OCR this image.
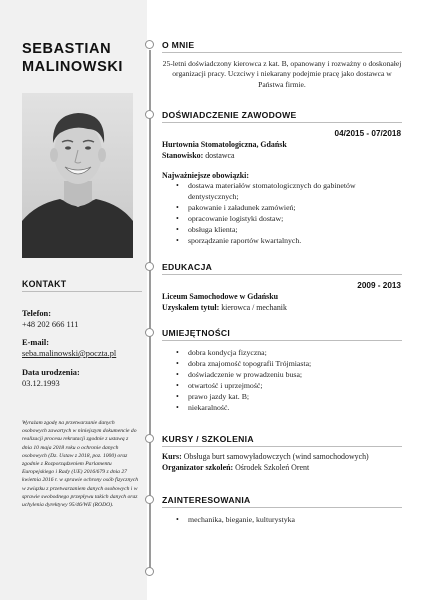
SEBASTIAN
MALINOWSKI
KONTAKT
Telefon:
+48 202 666 111
E-mail:
seba.malinowski@poczta.pl
Data urodzenia:
03.12.1993
Wyrażam zgodę na przetwarzanie danych osobowych zawartych w niniejszym dokumencie do realizacji procesu rekrutacji zgodnie z ustawą z dnia 10 maja 2018 roku o ochronie danych osobowych (Dz. Ustaw z 2018, poz. 1000) oraz zgodnie z Rozporządzeniem Parlamentu Europejskiego i Rady (UE) 2016/679 z dnia 27 kwietnia 2016 r. w sprawie ochrony osób fizycznych w związku z przetwarzaniem danych osobowych i w sprawie swobodnego przepływu takich danych oraz uchylenia dyrektywy 95/46/WE (RODO).
O MNIE
25-letni doświadczony kierowca z kat. B, opanowany i rozważny o doskonałej organizacji pracy. Uczciwy i niekarany podejmie pracę jako dostawca w Państwa firmie.
DOŚWIADCZENIE ZAWODOWE
04/2015 - 07/2018
Hurtownia Stomatologiczna, Gdańsk
Stanowisko: dostawca
Najważniejsze obowiązki:
• dostawa materiałów stomatologicznych do gabinetów dentystycznych;
• pakowanie i załadunek zamówień;
• opracowanie logistyki dostaw;
• obsługa klienta;
• sporządzanie raportów kwartalnych.
EDUKACJA
2009 - 2013
Liceum Samochodowe w Gdańsku
Uzyskałem tytuł: kierowca / mechanik
UMIEJĘTNOŚCI
• dobra kondycja fizyczna;
• dobra znajomość topografii Trójmiasta;
• doświadczenie w prowadzeniu busa;
• otwartość i uprzejmość;
• prawo jazdy kat. B;
• niekaralność.
KURSY / SZKOLENIA
Kurs: Obsługa burt samowyładowczych (wind samochodowych)
Organizator szkoleń: Ośrodek Szkoleń Orent
ZAINTERESOWANIA
• mechanika, bieganie, kulturystyka
